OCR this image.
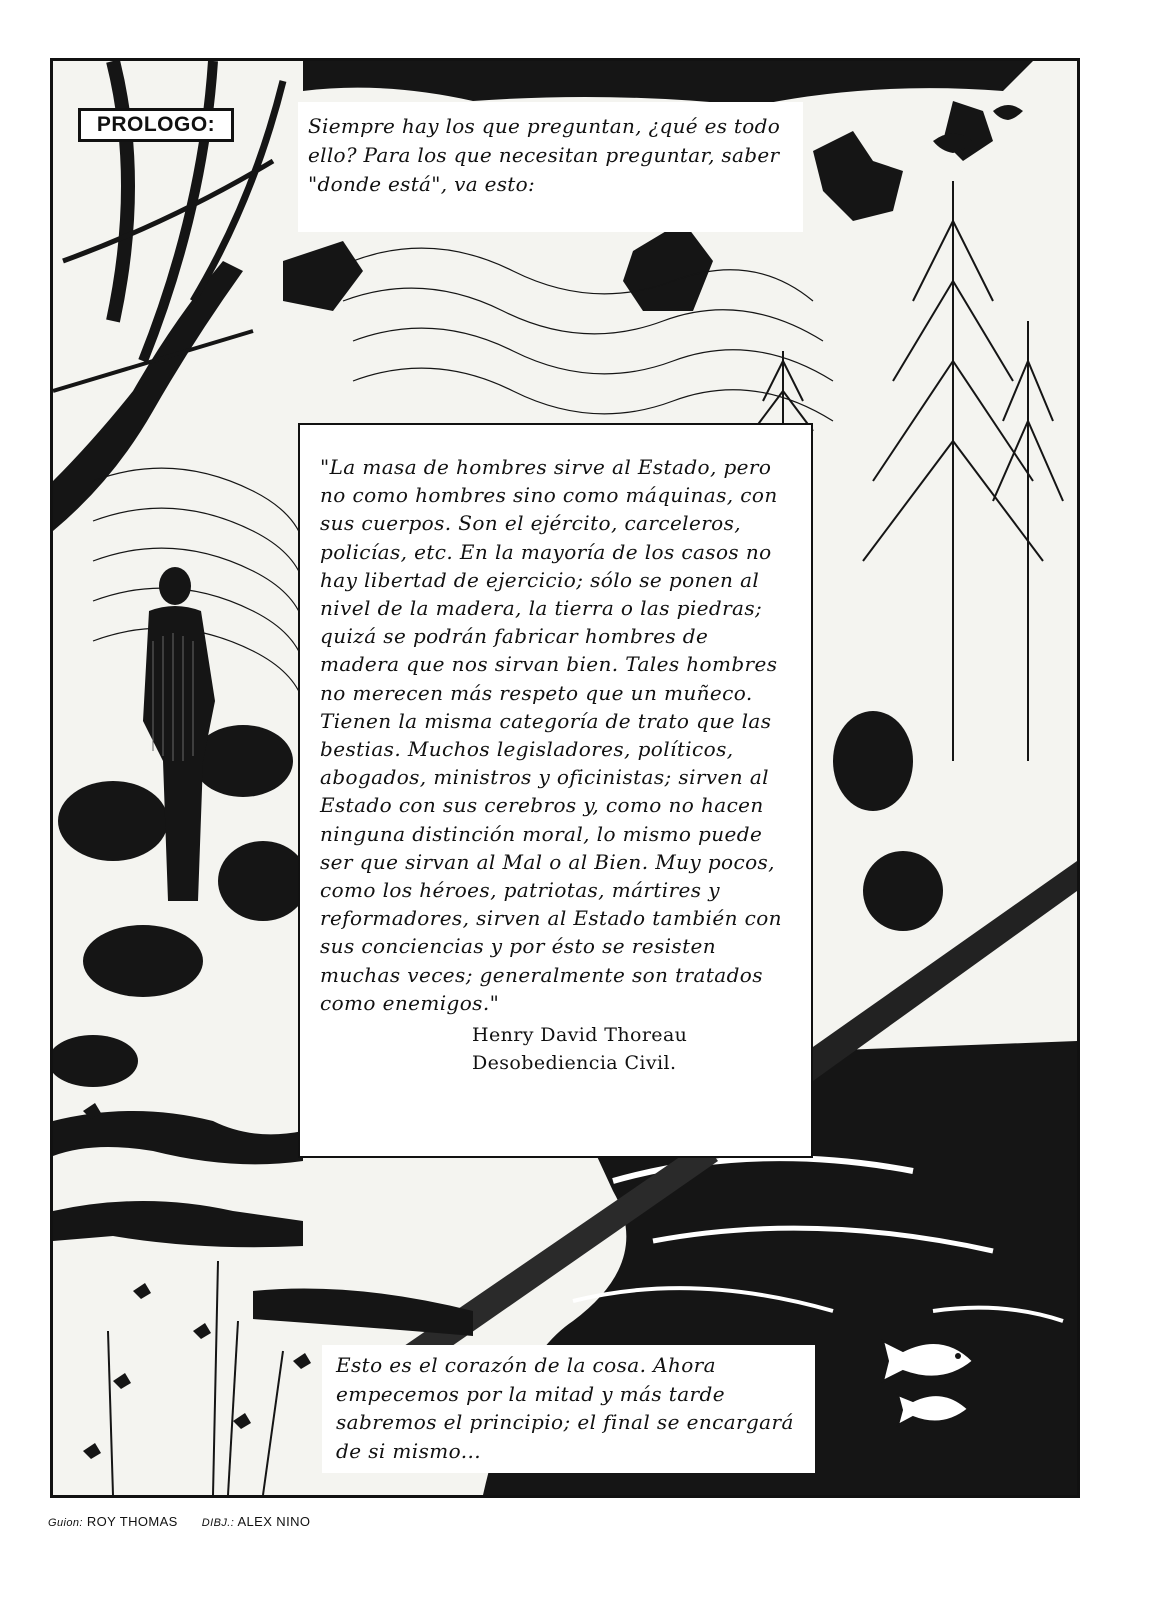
PROLOGO:	Siempre hay los que preguntan, ¿qué es todo ello? Para los que necesitan preguntar, saber "donde está", va esto:

"La masa de hombres sirve al Estado, pero no como hombres sino como máquinas, con sus cuerpos. Son el ejército, carceleros, policías, etc. En la mayoría de los casos no hay libertad de ejercicio; sólo se ponen al nivel de la madera, la tierra o las piedras; quizá se podrán fabricar hombres de madera que nos sirvan bien. Tales hombres no merecen más respeto que un muñeco. Tienen la misma categoría de trato que las bestias. Muchos legisladores, políticos, abogados, ministros y oficinistas; sirven al Estado con sus cerebros y, como no hacen ninguna distinción moral, lo mismo puede ser que sirvan al Mal o al Bien. Muy pocos, como los héroes, patriotas, mártires y reformadores, sirven al Estado también con sus conciencias y por ésto se resisten muchas veces; generalmente son tratados como enemigos."

Henry David Thoreau
Desobediencia Civil.
Esto es el corazón de la cosa. Ahora empecemos por la mitad y más tarde sabremos el principio; el final se encargará de si mismo...
Guion: ROY THOMAS DIBJ.: ALEX NINO
